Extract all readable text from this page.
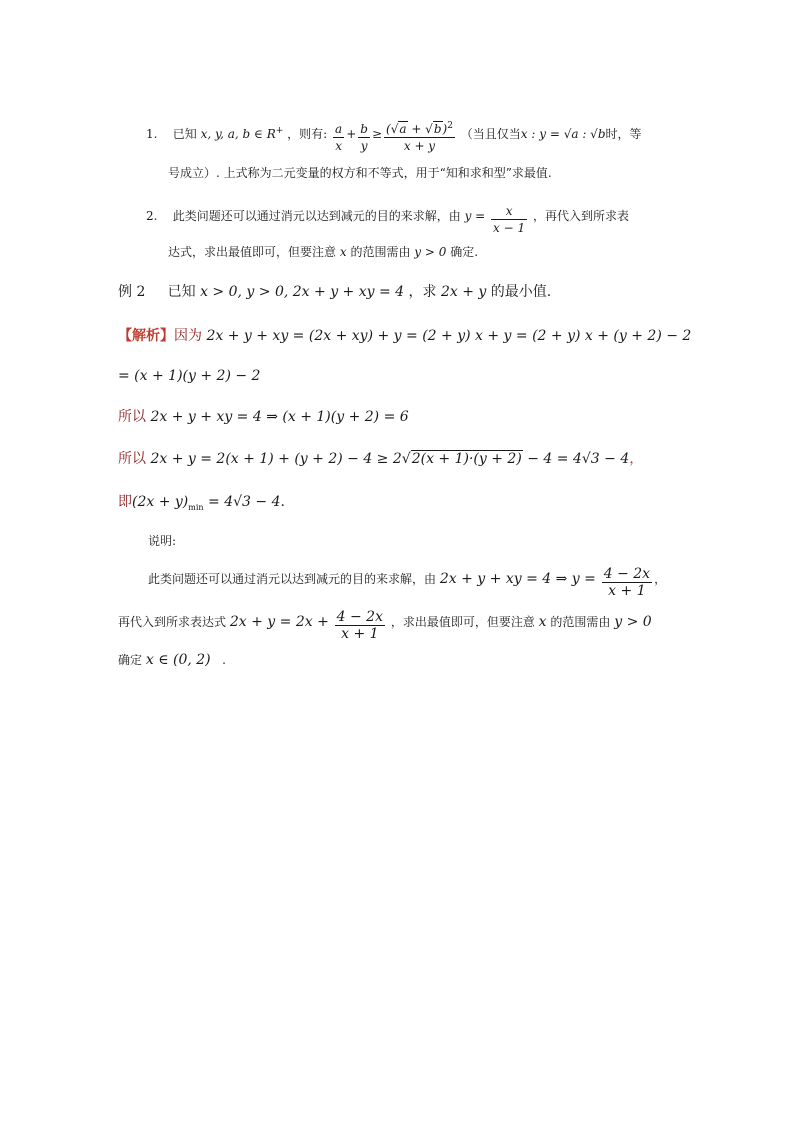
1. 已知 x, y, a, b ∈ R+ ，则有: $\frac{a}{x} + \frac{b}{y} \ge \frac{(√a + √b)^2}{x + y}$ （当且仅当x : y = √a : √b时，等
号成立）. 上式称为二元变量的权方和不等式，用于“知和求和型”求最值.
2. 此类问题还可以通过消元以达到减元的目的来求解，由 $y = \frac{x}{x - 1}$ ，再代入到所求表
达式，求出最值即可，但要注意 x 的范围需由 y > 0 确定.
例 2 已知 x > 0, y > 0, 2x + y + xy = 4 ，求 2x + y 的最小值.
【解析】因为 2x + y + xy = (2x + xy) + y = (2 + y) x + y = (2 + y) x + (y + 2) − 2
= (x + 1)(y + 2) − 2
所以 2x + y + xy = 4 ⇒ (x + 1)(y + 2) = 6
所以 2x + y = 2(x + 1) + (y + 2) − 4 ≥ 2√2(x + 1)·(y + 2) − 4 = 4√3 − 4，
即$(2x + y)_{min} = 4√3 - 4$.
说明:
此类问题还可以通过消元以达到减元的目的来求解，由 2x + y + xy = 4 ⇒ $y = \frac{4 - 2x}{x + 1}$ ，
再代入到所求表达式 $2x + y = 2x + \frac{4 - 2x}{x + 1}$ ，求出最值即可，但要注意 x 的范围需由 y > 0
确定 x ∈ (0, 2) .
